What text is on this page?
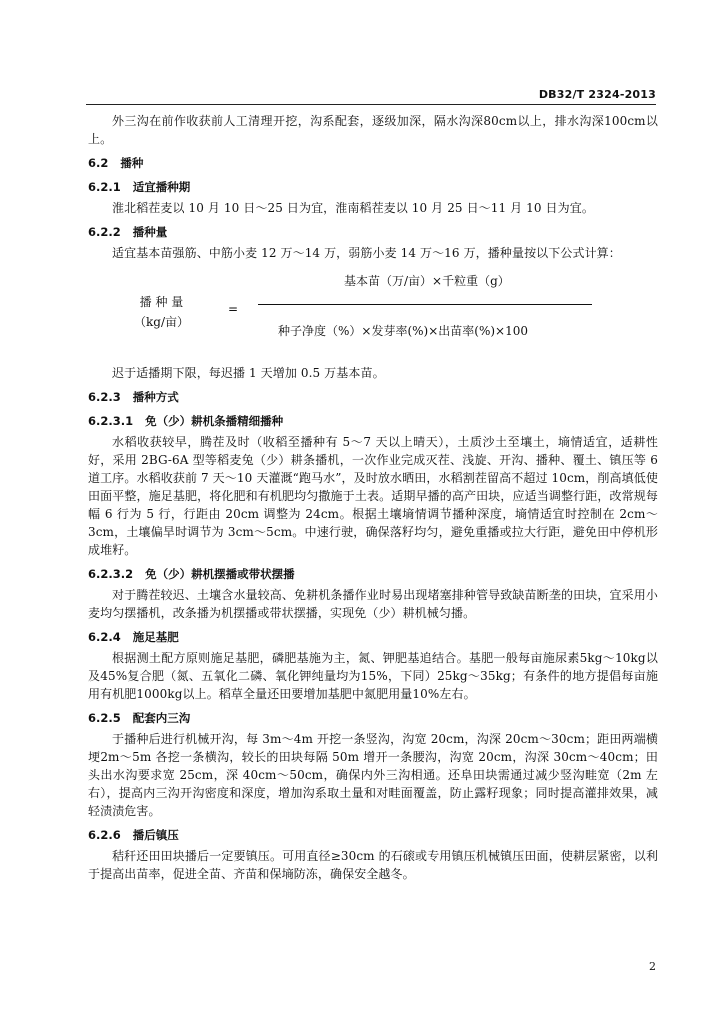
DB32/T 2324-2013

外三沟在前作收获前人工清理开挖，沟系配套，逐级加深，隔水沟深80cm以上，排水沟深100cm以上。

6.2 播种

6.2.1 适宜播种期

淮北稻茬麦以 10 月 10 日～25 日为宜，淮南稻茬麦以 10 月 25 日～11 月 10 日为宜。

6.2.2 播种量

适宜基本苗强筋、中筋小麦 12 万～14 万，弱筋小麦 14 万～16 万，播种量按以下公式计算：

播 种 量
（kg/亩）
=
基本苗（万/亩）×千粒重（g）
种子净度（%）×发芽率(%)×出苗率(%)×100

迟于适播期下限，每迟播 1 天增加 0.5 万基本苗。

6.2.3 播种方式

6.2.3.1 免（少）耕机条播精细播种

水稻收获较早，腾茬及时（收稻至播种有 5～7 天以上晴天），土质沙土至壤土，墒情适宜，适耕性好，采用 2BG-6A 型等稻麦兔（少）耕条播机，一次作业完成灭茬、浅旋、开沟、播种、覆土、镇压等 6 道工序。水稻收获前 7 天～10 天灌溉“跑马水”，及时放水晒田，水稻割茬留高不超过 10cm，削高填低使田面平整，施足基肥，将化肥和有机肥均匀撒施于土表。适期早播的高产田块，应适当调整行距，改常规每幅 6 行为 5 行，行距由 20cm 调整为 24cm。根据土壤墒情调节播种深度，墒情适宜时控制在 2cm～3cm，土壤偏旱时调节为 3cm～5cm。中速行驶，确保落籽均匀，避免重播或拉大行距，避免田中停机形成堆籽。

6.2.3.2 免（少）耕机摆播或带状摆播

对于腾茬较迟、土壤含水量较高、免耕机条播作业时易出现堵塞排种管导致缺苗断垄的田块，宜采用小麦均匀摆播机，改条播为机摆播或带状摆播，实现免（少）耕机械匀播。

6.2.4 施足基肥

根据测土配方原则施足基肥，磷肥基施为主，氮、钾肥基追结合。基肥一般每亩施尿素5kg～10kg以及45%复合肥（氮、五氧化二磷、氧化钾纯量均为15%，下同）25kg～35kg；有条件的地方提倡每亩施用有机肥1000kg以上。稻草全量还田要增加基肥中氮肥用量10%左右。

6.2.5 配套内三沟

于播种后进行机械开沟，每 3m～4m 开挖一条竖沟，沟宽 20cm，沟深 20cm～30cm；距田两端横埂2m～5m 各挖一条横沟，较长的田块每隔 50m 增开一条腰沟，沟宽 20cm，沟深 30cm～40cm；田头出水沟要求宽 25cm，深 40cm～50cm，确保内外三沟相通。还阜田块需通过减少竖沟畦宽（2m 左右），提高内三沟开沟密度和深度，增加沟系取土量和对畦面覆盖，防止露籽现象；同时提高灌排效果，减轻渍渍危害。

6.2.6 播后镇压

秸秆还田田块播后一定要镇压。可用直径≥30cm 的石磙或专用镇压机械镇压田面，使耕层紧密，以利于提高出苗率，促进全苗、齐苗和保墒防冻，确保安全越冬。

2
